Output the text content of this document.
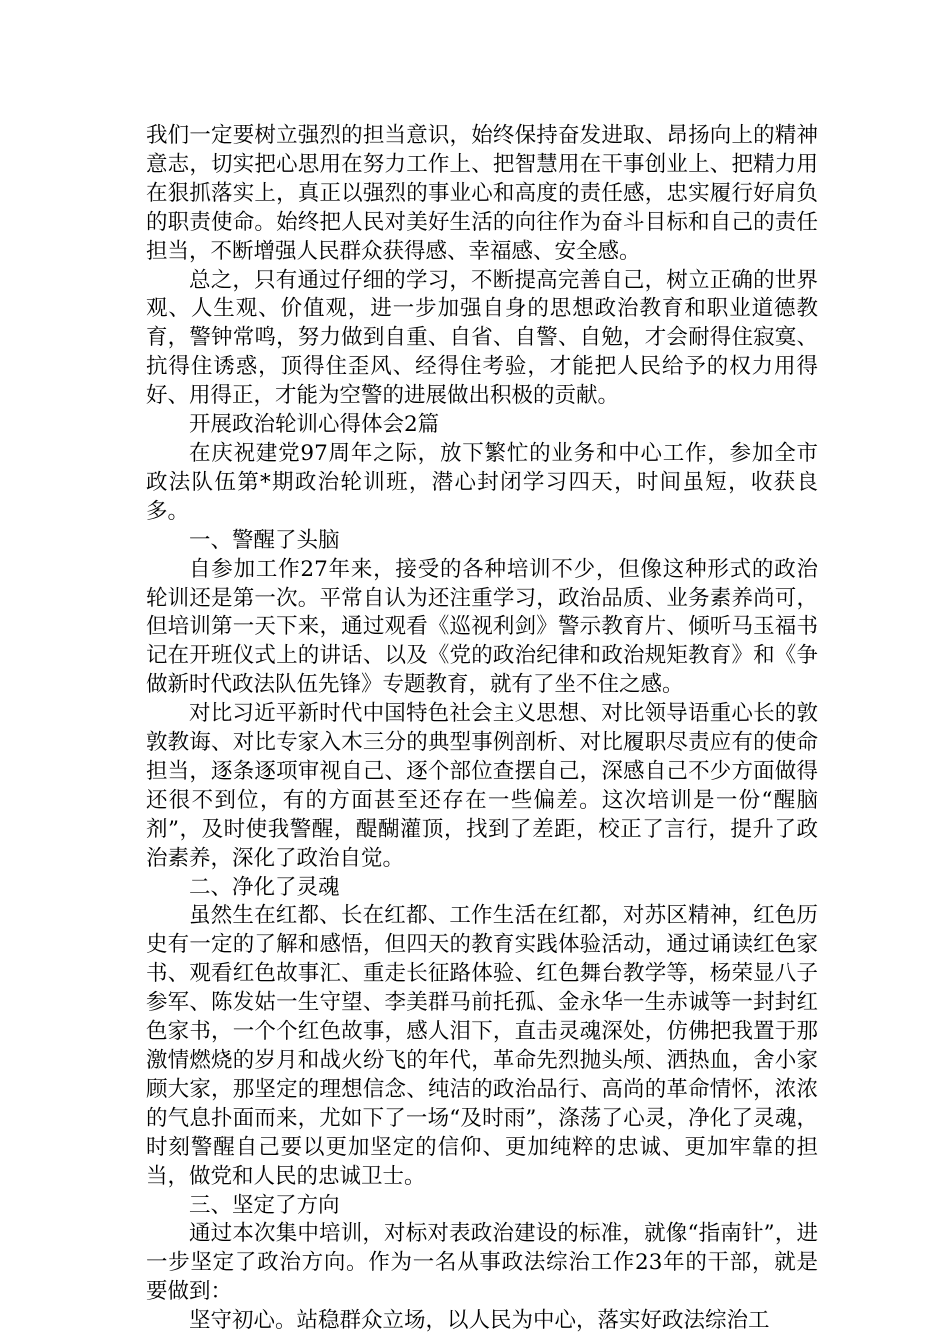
我们一定要树立强烈的担当意识，始终保持奋发进取、昂扬向上的精神意志，切实把心思用在努力工作上、把智慧用在干事创业上、把精力用在狠抓落实上，真正以强烈的事业心和高度的责任感，忠实履行好肩负的职责使命。始终把人民对美好生活的向往作为奋斗目标和自己的责任担当，不断增强人民群众获得感、幸福感、安全感。

总之，只有通过仔细的学习，不断提高完善自己，树立正确的世界观、人生观、价值观，进一步加强自身的思想政治教育和职业道德教育，警钟常鸣，努力做到自重、自省、自警、自勉，才会耐得住寂寞、抗得住诱惑，顶得住歪风、经得住考验，才能把人民给予的权力用得好、用得正，才能为空警的进展做出积极的贡献。

开展政治轮训心得体会2篇

在庆祝建党97周年之际，放下繁忙的业务和中心工作，参加全市政法队伍第*期政治轮训班，潜心封闭学习四天，时间虽短，收获良多。

一、警醒了头脑

自参加工作27年来，接受的各种培训不少，但像这种形式的政治轮训还是第一次。平常自认为还注重学习，政治品质、业务素养尚可，但培训第一天下来，通过观看《巡视利剑》警示教育片、倾听马玉福书记在开班仪式上的讲话、以及《党的政治纪律和政治规矩教育》和《争做新时代政法队伍先锋》专题教育，就有了坐不住之感。

对比习近平新时代中国特色社会主义思想、对比领导语重心长的敦敦教诲、对比专家入木三分的典型事例剖析、对比履职尽责应有的使命担当，逐条逐项审视自己、逐个部位查摆自己，深感自己不少方面做得还很不到位，有的方面甚至还存在一些偏差。这次培训是一份“醒脑剂”，及时使我警醒，醍醐灌顶，找到了差距，校正了言行，提升了政治素养，深化了政治自觉。

二、净化了灵魂

虽然生在红都、长在红都、工作生活在红都，对苏区精神，红色历史有一定的了解和感悟，但四天的教育实践体验活动，通过诵读红色家书、观看红色故事汇、重走长征路体验、红色舞台教学等，杨荣显八子参军、陈发姑一生守望、李美群马前托孤、金永华一生赤诚等一封封红色家书，一个个红色故事，感人泪下，直击灵魂深处，仿佛把我置于那激情燃烧的岁月和战火纷飞的年代，革命先烈抛头颅、洒热血，舍小家顾大家，那坚定的理想信念、纯洁的政治品行、高尚的革命情怀，浓浓的气息扑面而来，尤如下了一场“及时雨”，涤荡了心灵，净化了灵魂，时刻警醒自己要以更加坚定的信仰、更加纯粹的忠诚、更加牢靠的担当，做党和人民的忠诚卫士。

三、坚定了方向

通过本次集中培训，对标对表政治建设的标准，就像“指南针”，进一步坚定了政治方向。作为一名从事政法综治工作23年的干部，就是要做到：

坚守初心。站稳群众立场，以人民为中心，落实好政法综治工
